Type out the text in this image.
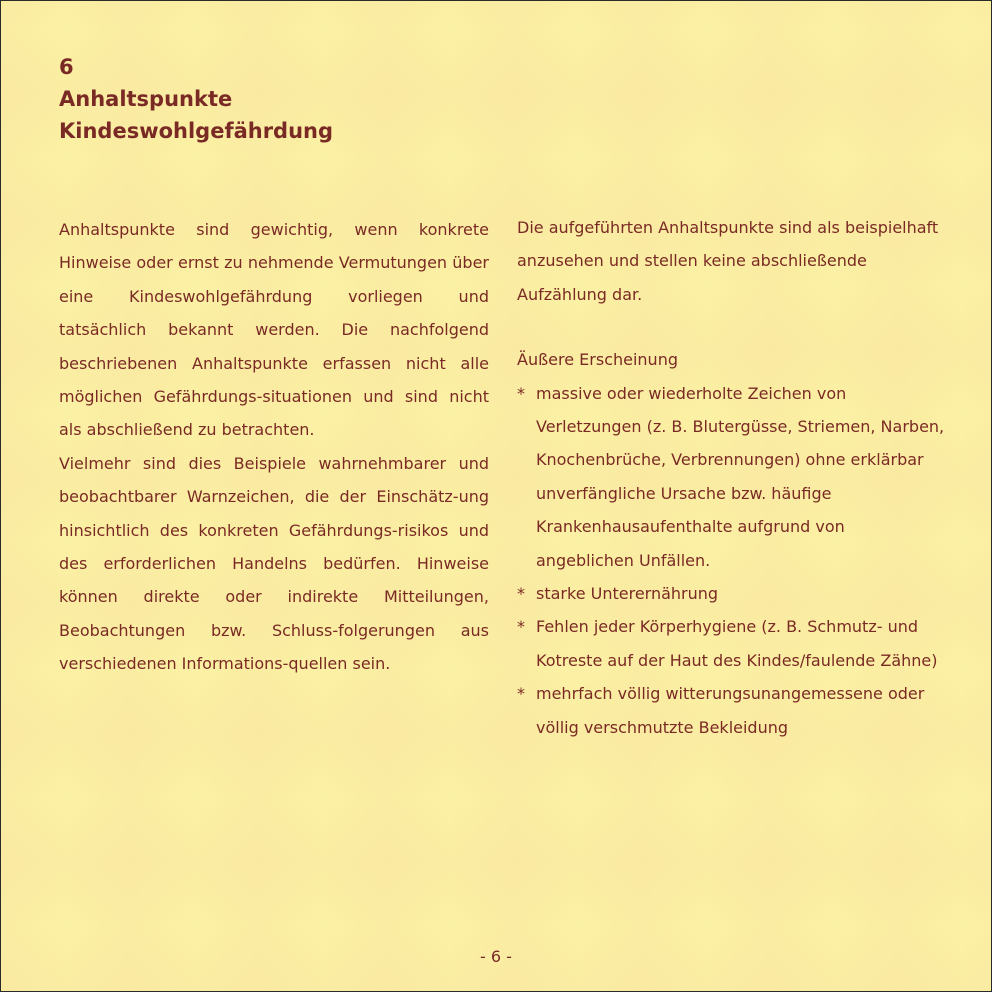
6
Anhaltspunkte
Kindeswohlgefährdung

Anhaltspunkte sind gewichtig, wenn konkrete Hinweise oder ernst zu nehmende Vermutungen über eine Kindeswohlgefährdung vorliegen und tatsächlich bekannt werden. Die nachfolgend beschriebenen Anhaltspunkte erfassen nicht alle möglichen Gefährdungs-situationen und sind nicht als abschließend zu betrachten.

Vielmehr sind dies Beispiele wahrnehmbarer und beobachtbarer Warnzeichen, die der Einschätz-ung hinsichtlich des konkreten Gefährdungs-risikos und des erforderlichen Handelns bedürfen. Hinweise können direkte oder indirekte Mitteilungen, Beobachtungen bzw. Schluss-folgerungen aus verschiedenen Informations-quellen sein.

Die aufgeführten Anhaltspunkte sind als beispielhaft anzusehen und stellen keine abschließende Aufzählung dar.

Äußere Erscheinung

* massive oder wiederholte Zeichen von Verletzungen (z. B. Blutergüsse, Striemen, Narben, Knochenbrüche, Verbrennungen) ohne erklärbar unverfängliche Ursache bzw. häufige Krankenhausaufenthalte aufgrund von angeblichen Unfällen.
* starke Unterernährung
* Fehlen jeder Körperhygiene (z. B. Schmutz- und Kotreste auf der Haut des Kindes/faulende Zähne)
* mehrfach völlig witterungsunangemessene oder völlig verschmutzte Bekleidung
- 6 -
